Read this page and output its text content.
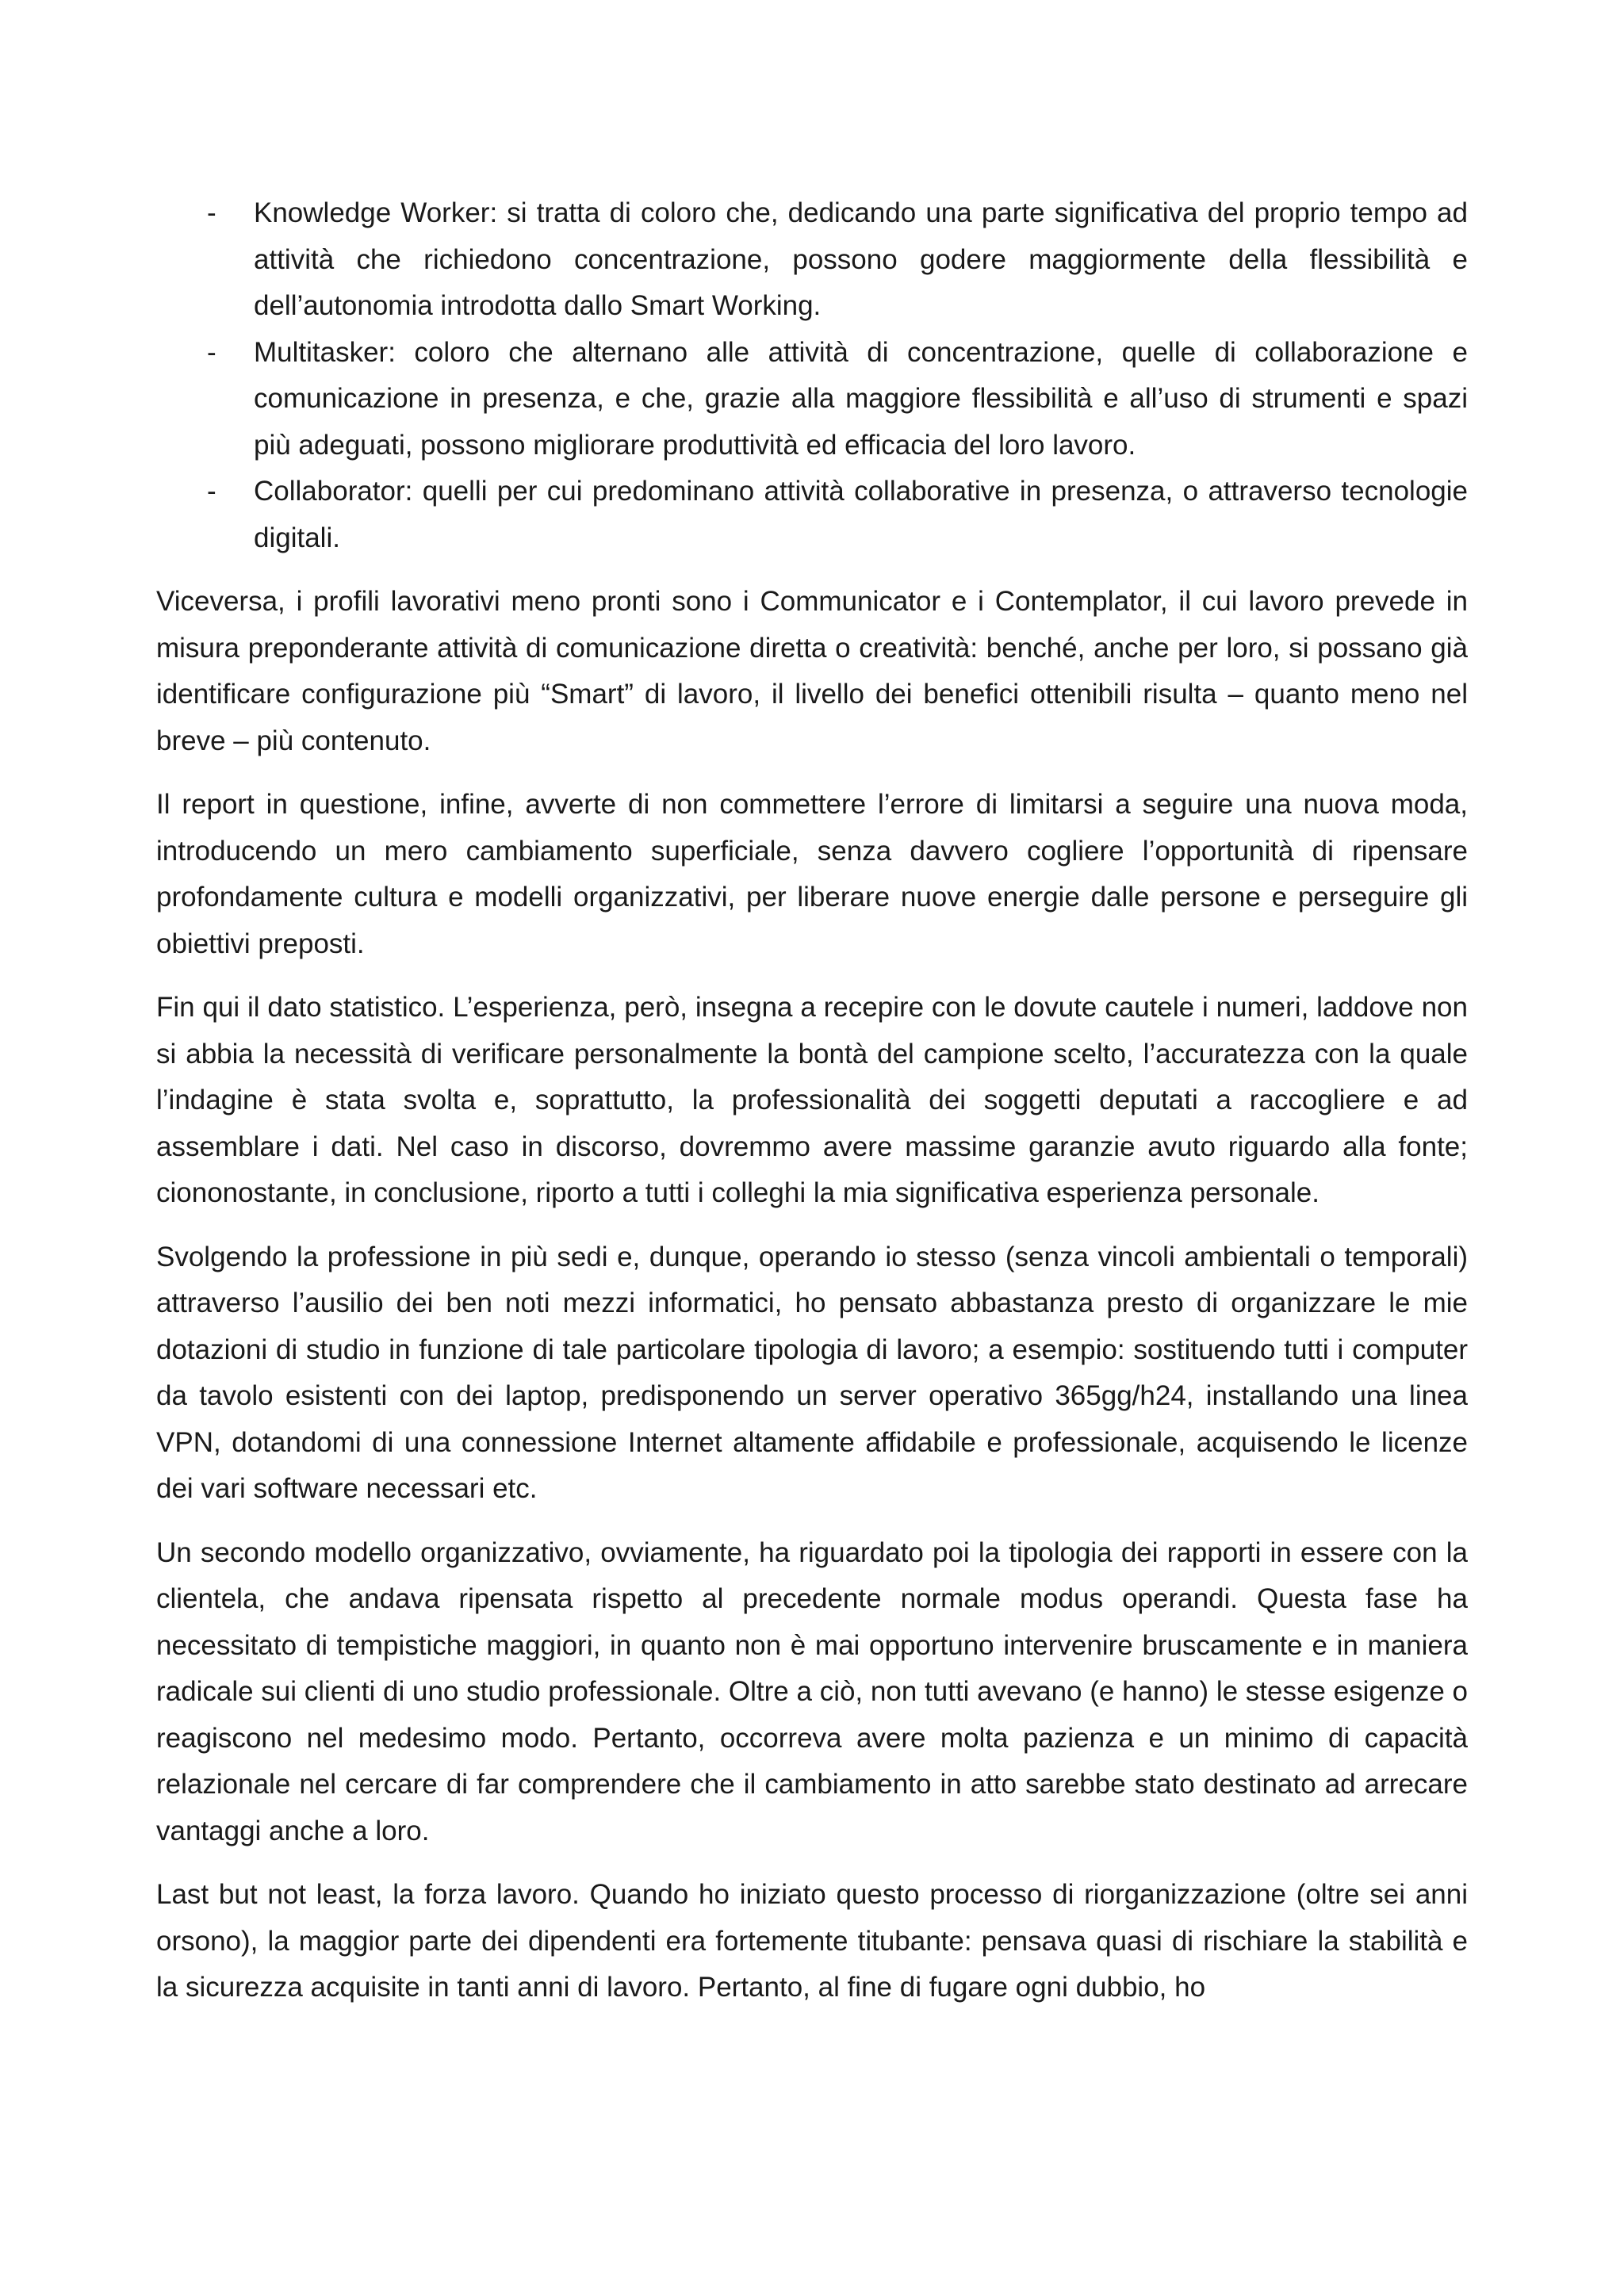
- Knowledge Worker: si tratta di coloro che, dedicando una parte significativa del proprio tempo ad attività che richiedono concentrazione, possono godere maggiormente della flessibilità e dell’autonomia introdotta dallo Smart Working.
- Multitasker: coloro che alternano alle attività di concentrazione, quelle di collaborazione e comunicazione in presenza, e che, grazie alla maggiore flessibilità e all’uso di strumenti e spazi più adeguati, possono migliorare produttività ed efficacia del loro lavoro.
- Collaborator: quelli per cui predominano attività collaborative in presenza, o attraverso tecnologie digitali.

Viceversa, i profili lavorativi meno pronti sono i Communicator e i Contemplator, il cui lavoro prevede in misura preponderante attività di comunicazione diretta o creatività: benché, anche per loro, si possano già identificare configurazione più “Smart” di lavoro, il livello dei benefici ottenibili risulta – quanto meno nel breve – più contenuto.

Il report in questione, infine, avverte di non commettere l’errore di limitarsi a seguire una nuova moda, introducendo un mero cambiamento superficiale, senza davvero cogliere l’opportunità di ripensare profondamente cultura e modelli organizzativi, per liberare nuove energie dalle persone e perseguire gli obiettivi preposti.

Fin qui il dato statistico. L’esperienza, però, insegna a recepire con le dovute cautele i numeri, laddove non si abbia la necessità di verificare personalmente la bontà del campione scelto, l’accuratezza con la quale l’indagine è stata svolta e, soprattutto, la professionalità dei soggetti deputati a raccogliere e ad assemblare i dati. Nel caso in discorso, dovremmo avere massime garanzie avuto riguardo alla fonte; ciononostante, in conclusione, riporto a tutti i colleghi la mia significativa esperienza personale.

Svolgendo la professione in più sedi e, dunque, operando io stesso (senza vincoli ambientali o temporali) attraverso l’ausilio dei ben noti mezzi informatici, ho pensato abbastanza presto di organizzare le mie dotazioni di studio in funzione di tale particolare tipologia di lavoro; a esempio: sostituendo tutti i computer da tavolo esistenti con dei laptop, predisponendo un server operativo 365gg/h24, installando una linea VPN, dotandomi di una connessione Internet altamente affidabile e professionale, acquisendo le licenze dei vari software necessari etc.

Un secondo modello organizzativo, ovviamente, ha riguardato poi la tipologia dei rapporti in essere con la clientela, che andava ripensata rispetto al precedente normale modus operandi. Questa fase ha necessitato di tempistiche maggiori, in quanto non è mai opportuno intervenire bruscamente e in maniera radicale sui clienti di uno studio professionale. Oltre a ciò, non tutti avevano (e hanno) le stesse esigenze o reagiscono nel medesimo modo. Pertanto, occorreva avere molta pazienza e un minimo di capacità relazionale nel cercare di far comprendere che il cambiamento in atto sarebbe stato destinato ad arrecare vantaggi anche a loro.

Last but not least, la forza lavoro. Quando ho iniziato questo processo di riorganizzazione (oltre sei anni orsono), la maggior parte dei dipendenti era fortemente titubante: pensava quasi di rischiare la stabilità e la sicurezza acquisite in tanti anni di lavoro. Pertanto, al fine di fugare ogni dubbio, ho
